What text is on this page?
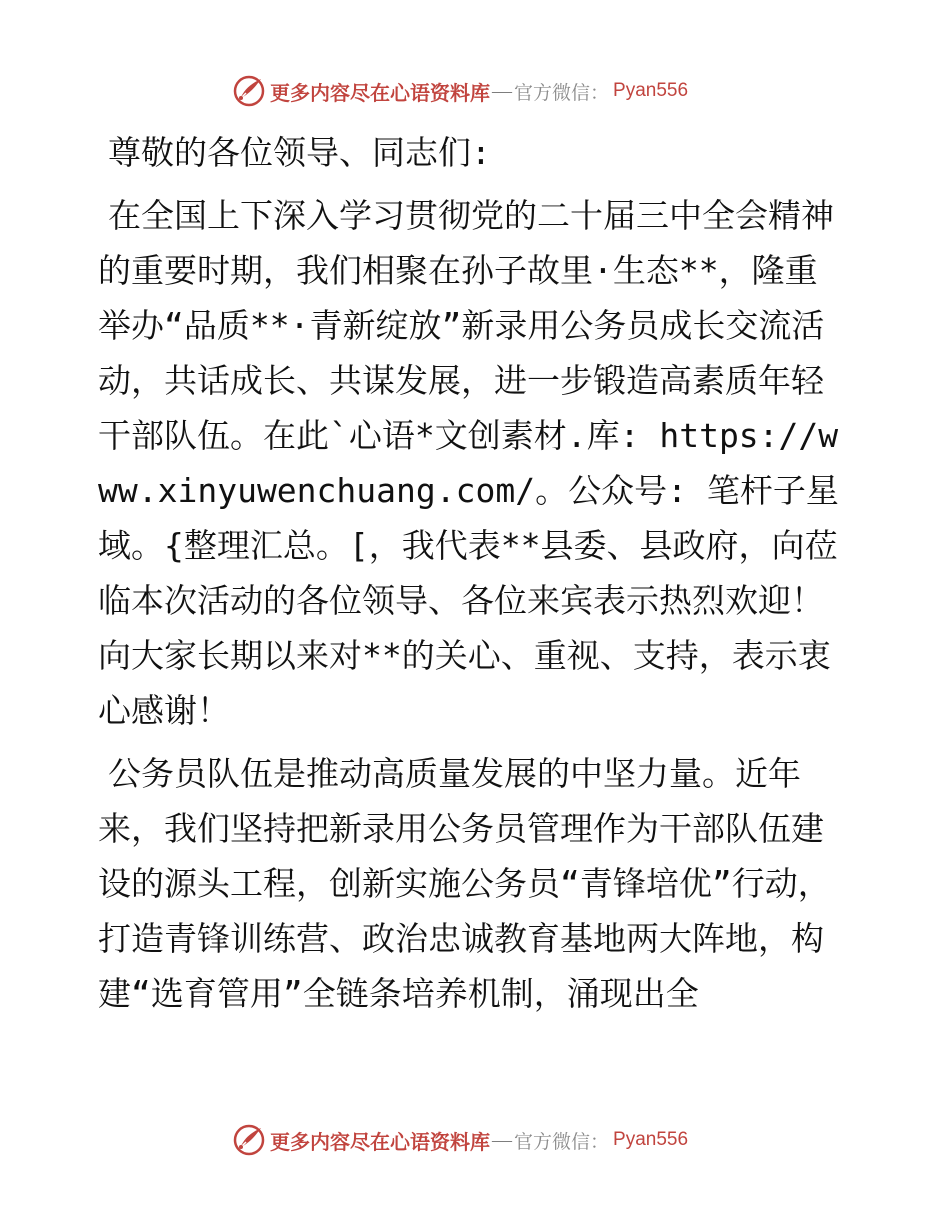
更多内容尽在心语资料库 — 官方微信： Pyan556

尊敬的各位领导、同志们:

在全国上下深入学习贯彻党的二十届三中全会精神的重要时期，我们相聚在孙子故里·生态**，隆重举办“品质**·青新绽放”新录用公务员成长交流活动，共话成长、共谋发展，进一步锻造高素质年轻干部队伍。在此`心语*文创素材.库: https://www.xinyuwenchuang.com/。公众号: 笔杆子星域。{整理汇总。[，我代表**县委、县政府，向莅临本次活动的各位领导、各位来宾表示热烈欢迎！向大家长期以来对**的关心、重视、支持，表示衷心感谢！

公务员队伍是推动高质量发展的中坚力量。近年来，我们坚持把新录用公务员管理作为干部队伍建设的源头工程，创新实施公务员“青锋培优”行动，打造青锋训练营、政治忠诚教育基地两大阵地，构建“选育管用”全链条培养机制，涌现出全

更多内容尽在心语资料库 — 官方微信： Pyan556
